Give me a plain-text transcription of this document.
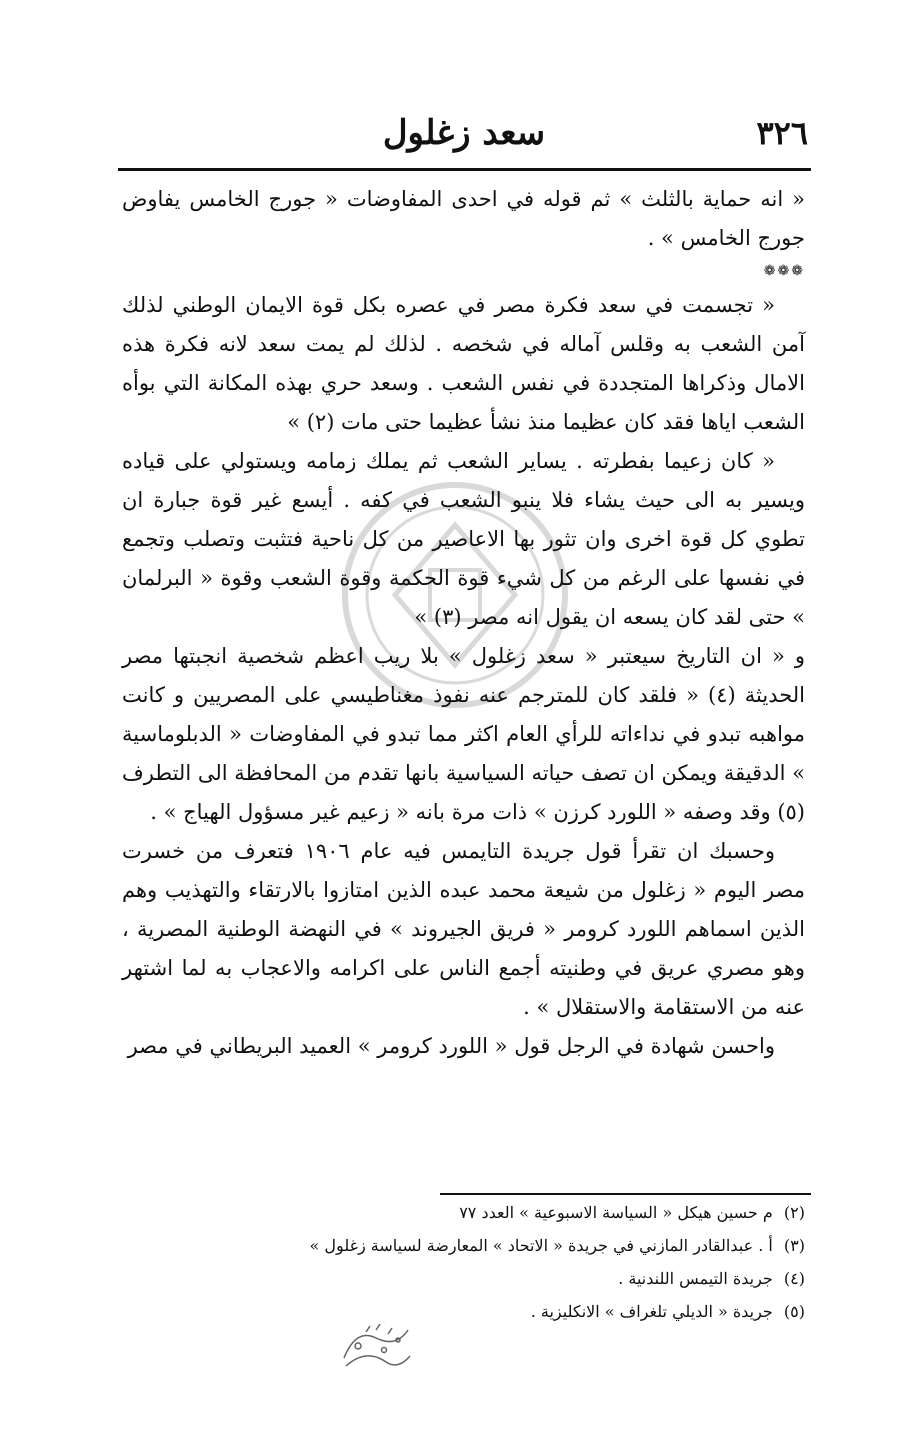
٣٢٦
سعد زغلول

« انه حماية بالثلث » ثم قوله في احدى المفاوضات « جورج الخامس يفاوض جورج الخامس » .

❁❁❁

« تجسمت في سعد فكرة مصر في عصره بكل قوة الايمان الوطني لذلك آمن الشعب به وقلس آماله في شخصه . لذلك لم يمت سعد لانه فكرة هذه الامال وذكراها المتجددة في نفس الشعب . وسعد حري بهذه المكانة التي بوأه الشعب اياها فقد كان عظيما منذ نشأ عظيما حتى مات (٢) »

« كان زعيما بفطرته . يساير الشعب ثم يملك زمامه ويستولي على قياده ويسير به الى حيث يشاء فلا ينبو الشعب في كفه . أيسع غير قوة جبارة ان تطوي كل قوة اخرى وان تثور بها الاعاصير من كل ناحية فتثبت وتصلب وتجمع في نفسها على الرغم من كل شيء قوة الحكمة وقوة الشعب وقوة « البرلمان » حتى لقد كان يسعه ان يقول انه مصر (٣) »

و « ان التاريخ سيعتبر « سعد زغلول » بلا ريب اعظم شخصية انجبتها مصر الحديثة (٤) « فلقد كان للمترجم عنه نفوذ مغناطيسي على المصريين و كانت مواهبه تبدو في نداءاته للرأي العام اكثر مما تبدو في المفاوضات « الدبلوماسية » الدقيقة ويمكن ان تصف حياته السياسية بانها تقدم من المحافظة الى التطرف (٥) وقد وصفه « اللورد كرزن » ذات مرة بانه « زعيم غير مسؤول الهياج » .

وحسبك ان تقرأ قول جريدة التايمس فيه عام ١٩٠٦ فتعرف من خسرت مصر اليوم « زغلول من شيعة محمد عبده الذين امتازوا بالارتقاء والتهذيب وهم الذين اسماهم اللورد كرومر « فريق الجيروند » في النهضة الوطنية المصرية ، وهو مصري عريق في وطنيته أجمع الناس على اكرامه والاعجاب به لما اشتهر عنه من الاستقامة والاستقلال » .

واحسن شهادة في الرجل قول « اللورد كرومر » العميد البريطاني في مصر

(٢) م حسين هيكل « السياسة الاسبوعية » العدد ٧٧

(٣) أ . عبدالقادر المازني في جريدة « الاتحاد » المعارضة لسياسة زغلول »

(٤) جريدة التيمس اللندنية .

(٥) جريدة « الديلي تلغراف » الانكليزية .
